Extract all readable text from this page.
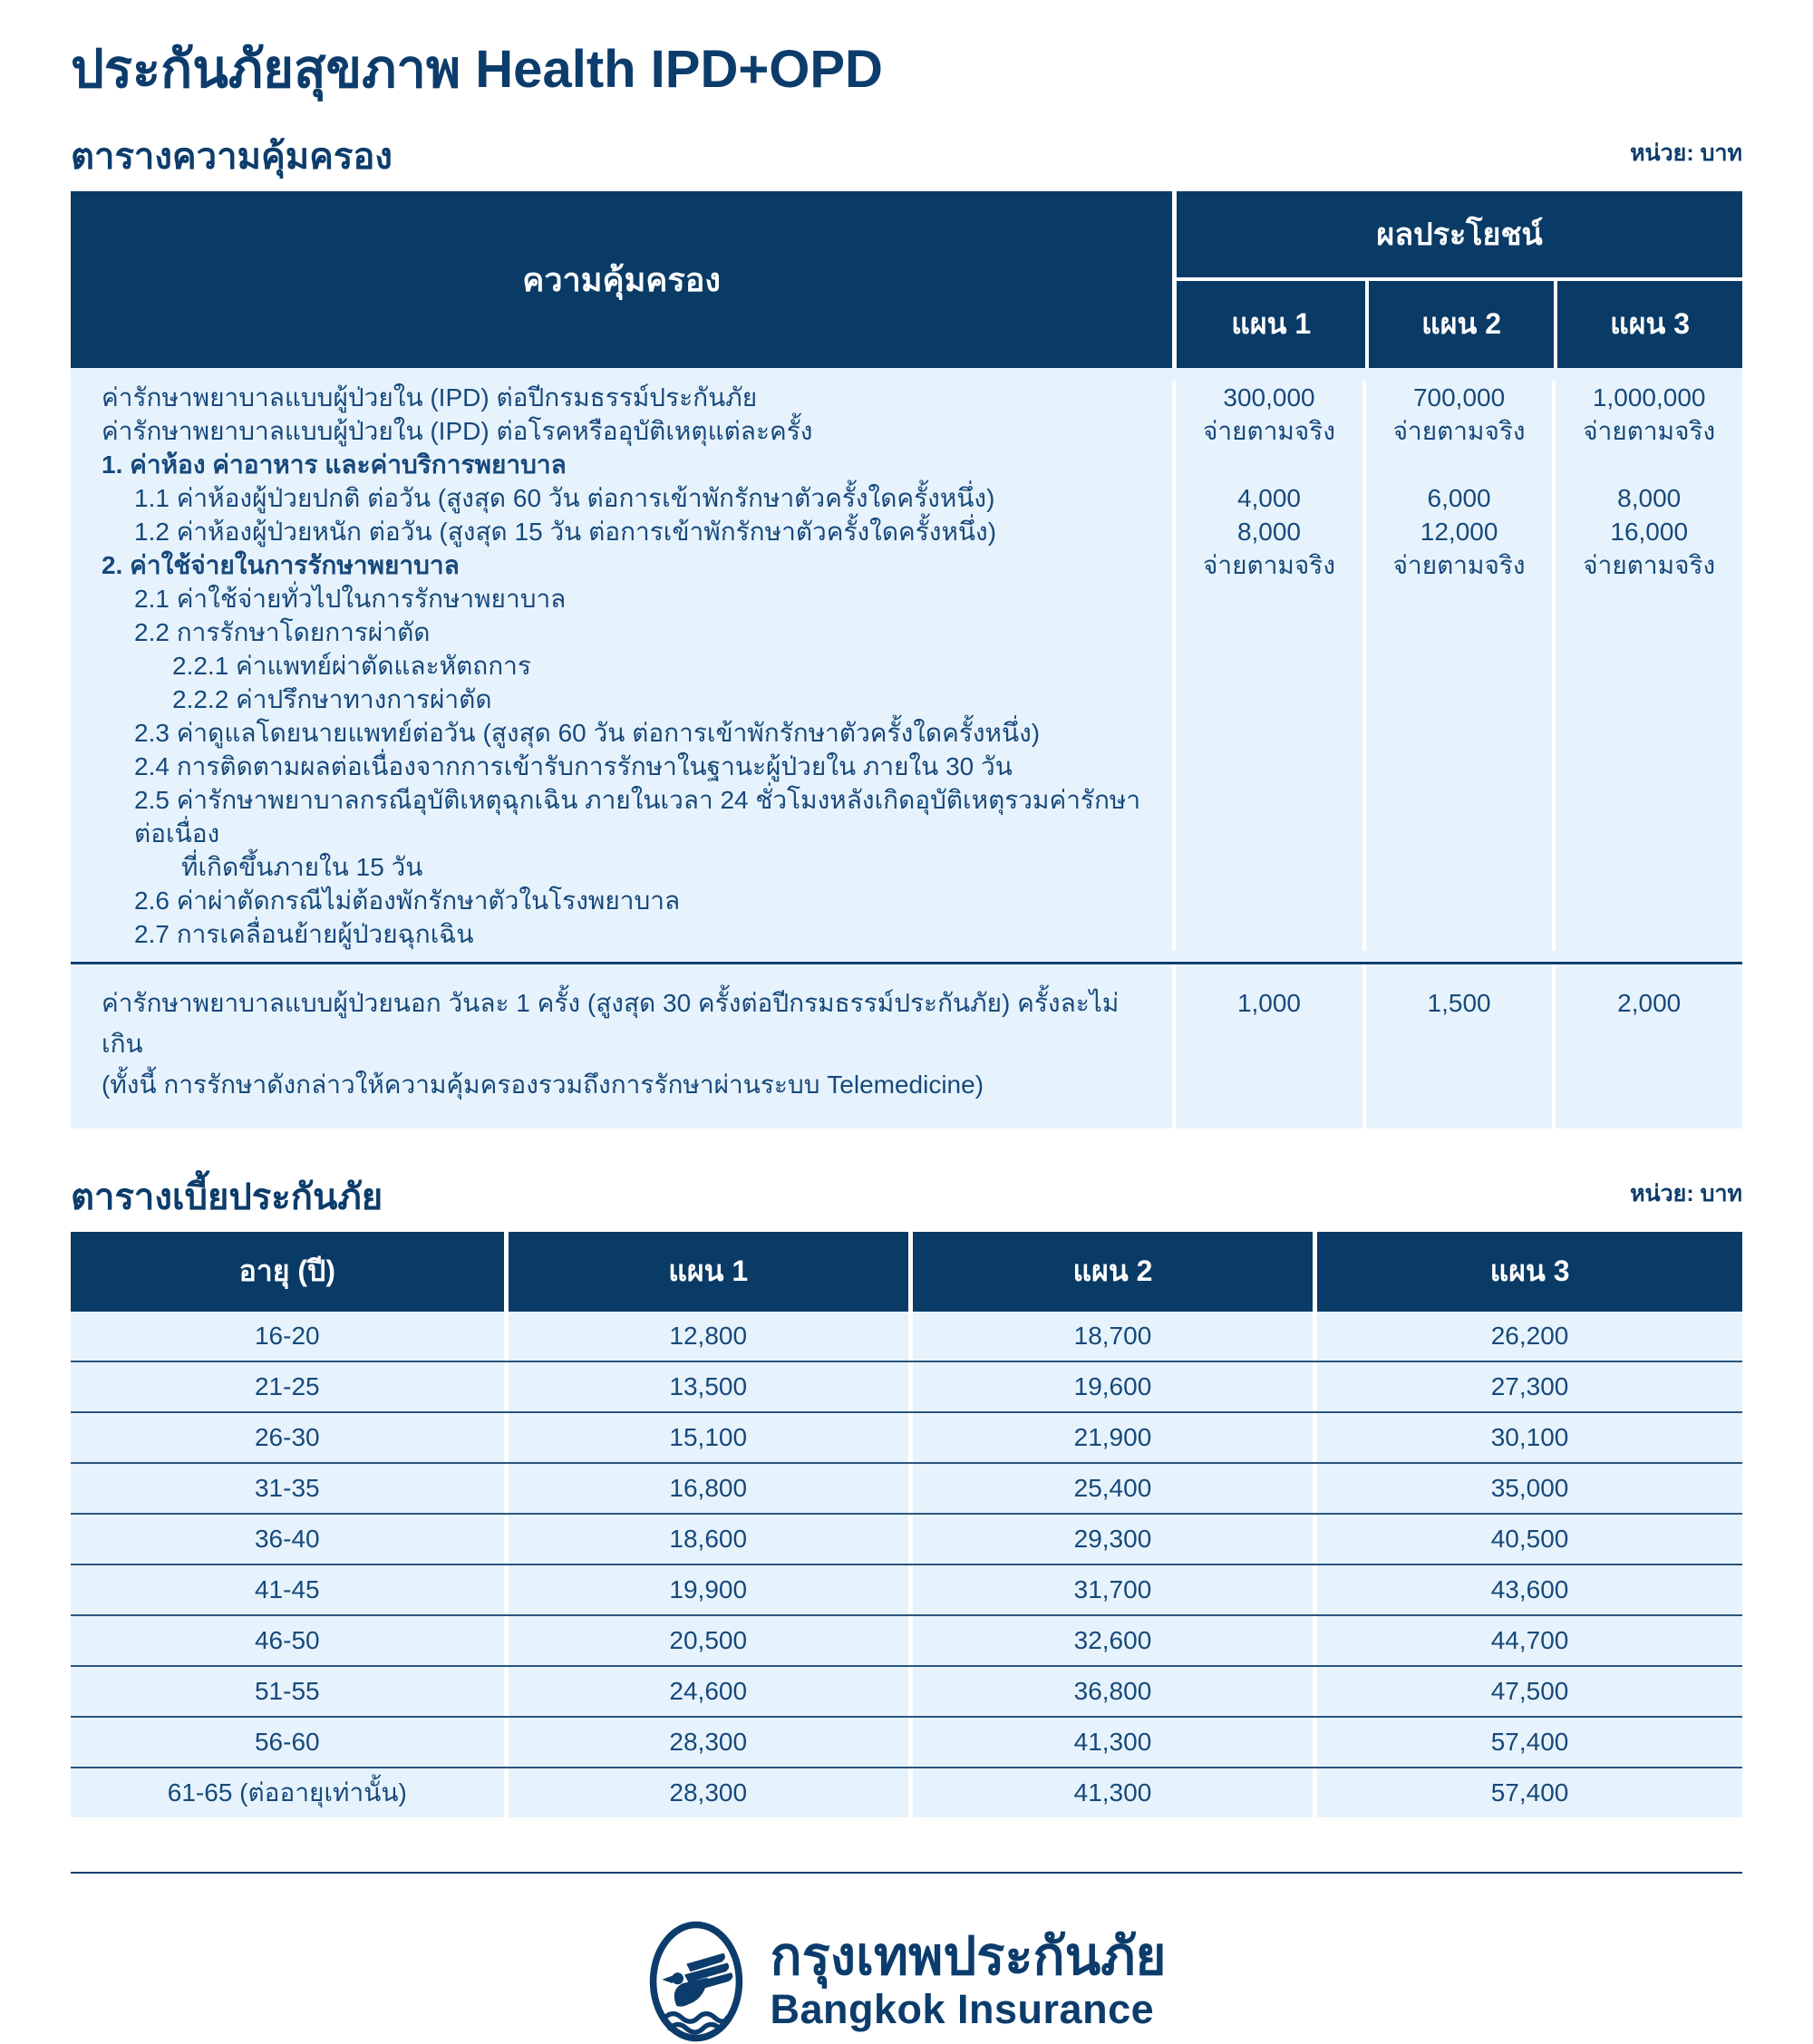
ประกันภัยสุขภาพ Health IPD+OPD
ตารางความคุ้มครอง	หน่วย: บาท
ความคุ้มครอง
ผลประโยชน์
แผน 1	แผน 2	แผน 3
ค่ารักษาพยาบาลแบบผู้ป่วยใน (IPD) ต่อปีกรมธรรม์ประกันภัย	300,000	700,000	1,000,000
ค่ารักษาพยาบาลแบบผู้ป่วยใน (IPD) ต่อโรคหรืออุบัติเหตุแต่ละครั้ง	จ่ายตามจริง	จ่ายตามจริง	จ่ายตามจริง
1. ค่าห้อง ค่าอาหาร และค่าบริการพยาบาล
1.1 ค่าห้องผู้ป่วยปกติ ต่อวัน (สูงสุด 60 วัน ต่อการเข้าพักรักษาตัวครั้งใดครั้งหนึ่ง)	4,000	6,000	8,000
1.2 ค่าห้องผู้ป่วยหนัก ต่อวัน (สูงสุด 15 วัน ต่อการเข้าพักรักษาตัวครั้งใดครั้งหนึ่ง)	8,000	12,000	16,000
2. ค่าใช้จ่ายในการรักษาพยาบาล	จ่ายตามจริง	จ่ายตามจริง	จ่ายตามจริง
2.1 ค่าใช้จ่ายทั่วไปในการรักษาพยาบาล
2.2 การรักษาโดยการผ่าตัด
2.2.1 ค่าแพทย์ผ่าตัดและหัตถการ
2.2.2 ค่าปรึกษาทางการผ่าตัด
2.3 ค่าดูแลโดยนายแพทย์ต่อวัน (สูงสุด 60 วัน ต่อการเข้าพักรักษาตัวครั้งใดครั้งหนึ่ง)
2.4 การติดตามผลต่อเนื่องจากการเข้ารับการรักษาในฐานะผู้ป่วยใน ภายใน 30 วัน
2.5 ค่ารักษาพยาบาลกรณีอุบัติเหตุฉุกเฉิน ภายในเวลา 24 ชั่วโมงหลังเกิดอุบัติเหตุรวมค่ารักษาต่อเนื่อง
ที่เกิดขึ้นภายใน 15 วัน
2.6 ค่าผ่าตัดกรณีไม่ต้องพักรักษาตัวในโรงพยาบาล
2.7 การเคลื่อนย้ายผู้ป่วยฉุกเฉิน
ค่ารักษาพยาบาลแบบผู้ป่วยนอก วันละ 1 ครั้ง (สูงสุด 30 ครั้งต่อปีกรมธรรม์ประกันภัย) ครั้งละไม่เกิน
(ทั้งนี้ การรักษาดังกล่าวให้ความคุ้มครองรวมถึงการรักษาผ่านระบบ Telemedicine)
1,000	1,500	2,000
ตารางเบี้ยประกันภัย	หน่วย: บาท
อายุ (ปี)	แผน 1	แผน 2	แผน 3
16-20	12,800	18,700	26,200
21-25	13,500	19,600	27,300
26-30	15,100	21,900	30,100
31-35	16,800	25,400	35,000
36-40	18,600	29,300	40,500
41-45	19,900	31,700	43,600
46-50	20,500	32,600	44,700
51-55	24,600	36,800	47,500
56-60	28,300	41,300	57,400
61-65 (ต่ออายุเท่านั้น)	28,300	41,300	57,400
กรุงเทพประกันภัย
Bangkok Insurance
